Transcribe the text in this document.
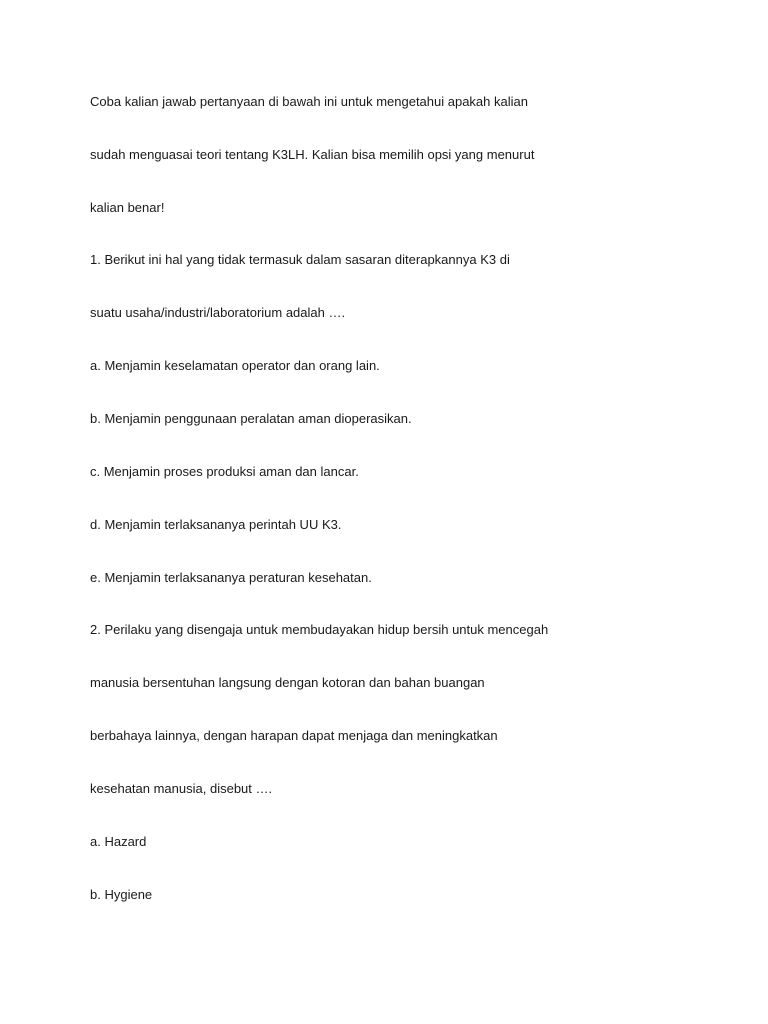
Coba kalian jawab pertanyaan di bawah ini untuk mengetahui apakah kalian

sudah menguasai teori tentang K3LH. Kalian bisa memilih opsi yang menurut

kalian benar!

1. Berikut ini hal yang tidak termasuk dalam sasaran diterapkannya K3 di

suatu usaha/industri/laboratorium adalah ….

a. Menjamin keselamatan operator dan orang lain.

b. Menjamin penggunaan peralatan aman dioperasikan.

c. Menjamin proses produksi aman dan lancar.

d. Menjamin terlaksananya perintah UU K3.

e. Menjamin terlaksananya peraturan kesehatan.

2. Perilaku yang disengaja untuk membudayakan hidup bersih untuk mencegah

manusia bersentuhan langsung dengan kotoran dan bahan buangan

berbahaya lainnya, dengan harapan dapat menjaga dan meningkatkan

kesehatan manusia, disebut ….

a. Hazard

b. Hygiene
